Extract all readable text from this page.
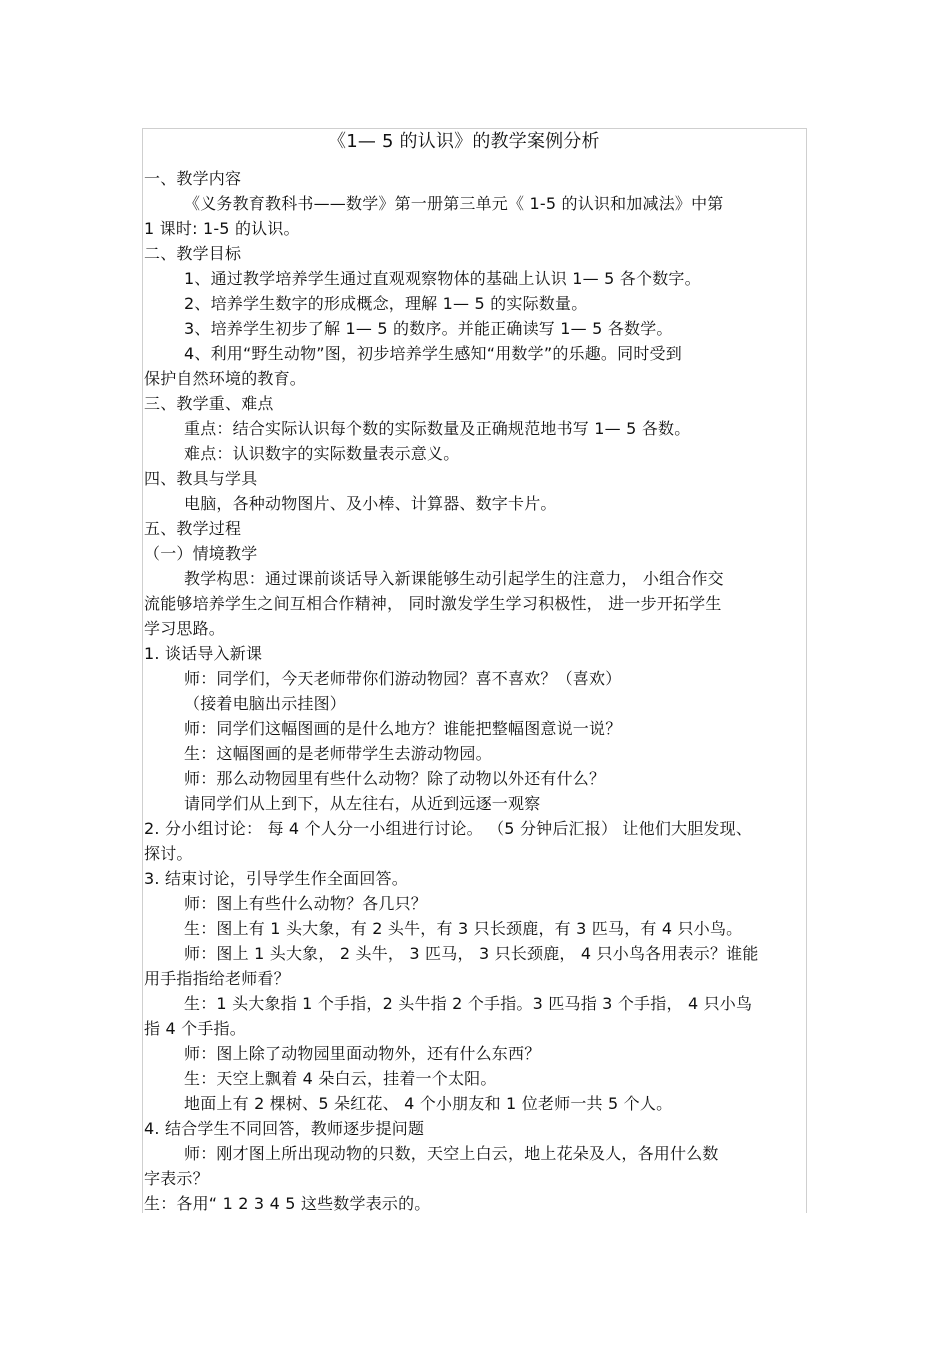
《1— 5 的认识》的教学案例分析
一、教学内容
《义务教育教科书——数学》第一册第三单元《 1-5 的认识和加减法》中第
1 课时: 1-5 的认识。
二、教学目标
1、通过教学培养学生通过直观观察物体的基础上认识 1— 5 各个数字。
2、培养学生数字的形成概念，理解 1— 5 的实际数量。
3、培养学生初步了解 1— 5 的数序。并能正确读写 1— 5 各数学。
4、利用“野生动物”图，初步培养学生感知“用数学”的乐趣。同时受到
保护自然环境的教育。
三、教学重、难点
重点：结合实际认识每个数的实际数量及正确规范地书写 1— 5 各数。
难点：认识数字的实际数量表示意义。
四、教具与学具
电脑，各种动物图片、及小棒、计算器、数字卡片。
五、教学过程
（一）情境教学
教学构思：通过课前谈话导入新课能够生动引起学生的注意力， 小组合作交
流能够培养学生之间互相合作精神， 同时激发学生学习积极性， 进一步开拓学生
学习思路。
1. 谈话导入新课
师：同学们，今天老师带你们游动物园？喜不喜欢？（喜欢）
（接着电脑出示挂图）
师：同学们这幅图画的是什么地方？谁能把整幅图意说一说？
生：这幅图画的是老师带学生去游动物园。
师：那么动物园里有些什么动物？除了动物以外还有什么？
请同学们从上到下，从左往右，从近到远逐一观察
2. 分小组讨论： 每 4 个人分一小组进行讨论。 （5 分钟后汇报） 让他们大胆发现、
探讨。
3. 结束讨论，引导学生作全面回答。
师：图上有些什么动物？各几只？
生：图上有 1 头大象，有 2 头牛，有 3 只长颈鹿，有 3 匹马，有 4 只小鸟。
师：图上 1 头大象， 2 头牛， 3 匹马， 3 只长颈鹿， 4 只小鸟各用表示？谁能
用手指指给老师看？
生：1 头大象指 1 个手指，2 头牛指 2 个手指。3 匹马指 3 个手指， 4 只小鸟
指 4 个手指。
师：图上除了动物园里面动物外，还有什么东西？
生：天空上飘着 4 朵白云，挂着一个太阳。
地面上有 2 棵树、5 朵红花、 4 个小朋友和 1 位老师一共 5 个人。
4. 结合学生不同回答，教师逐步提问题
师：刚才图上所出现动物的只数，天空上白云，地上花朵及人，各用什么数
字表示？
生：各用“ 1 2 3 4 5 这些数学表示的。
